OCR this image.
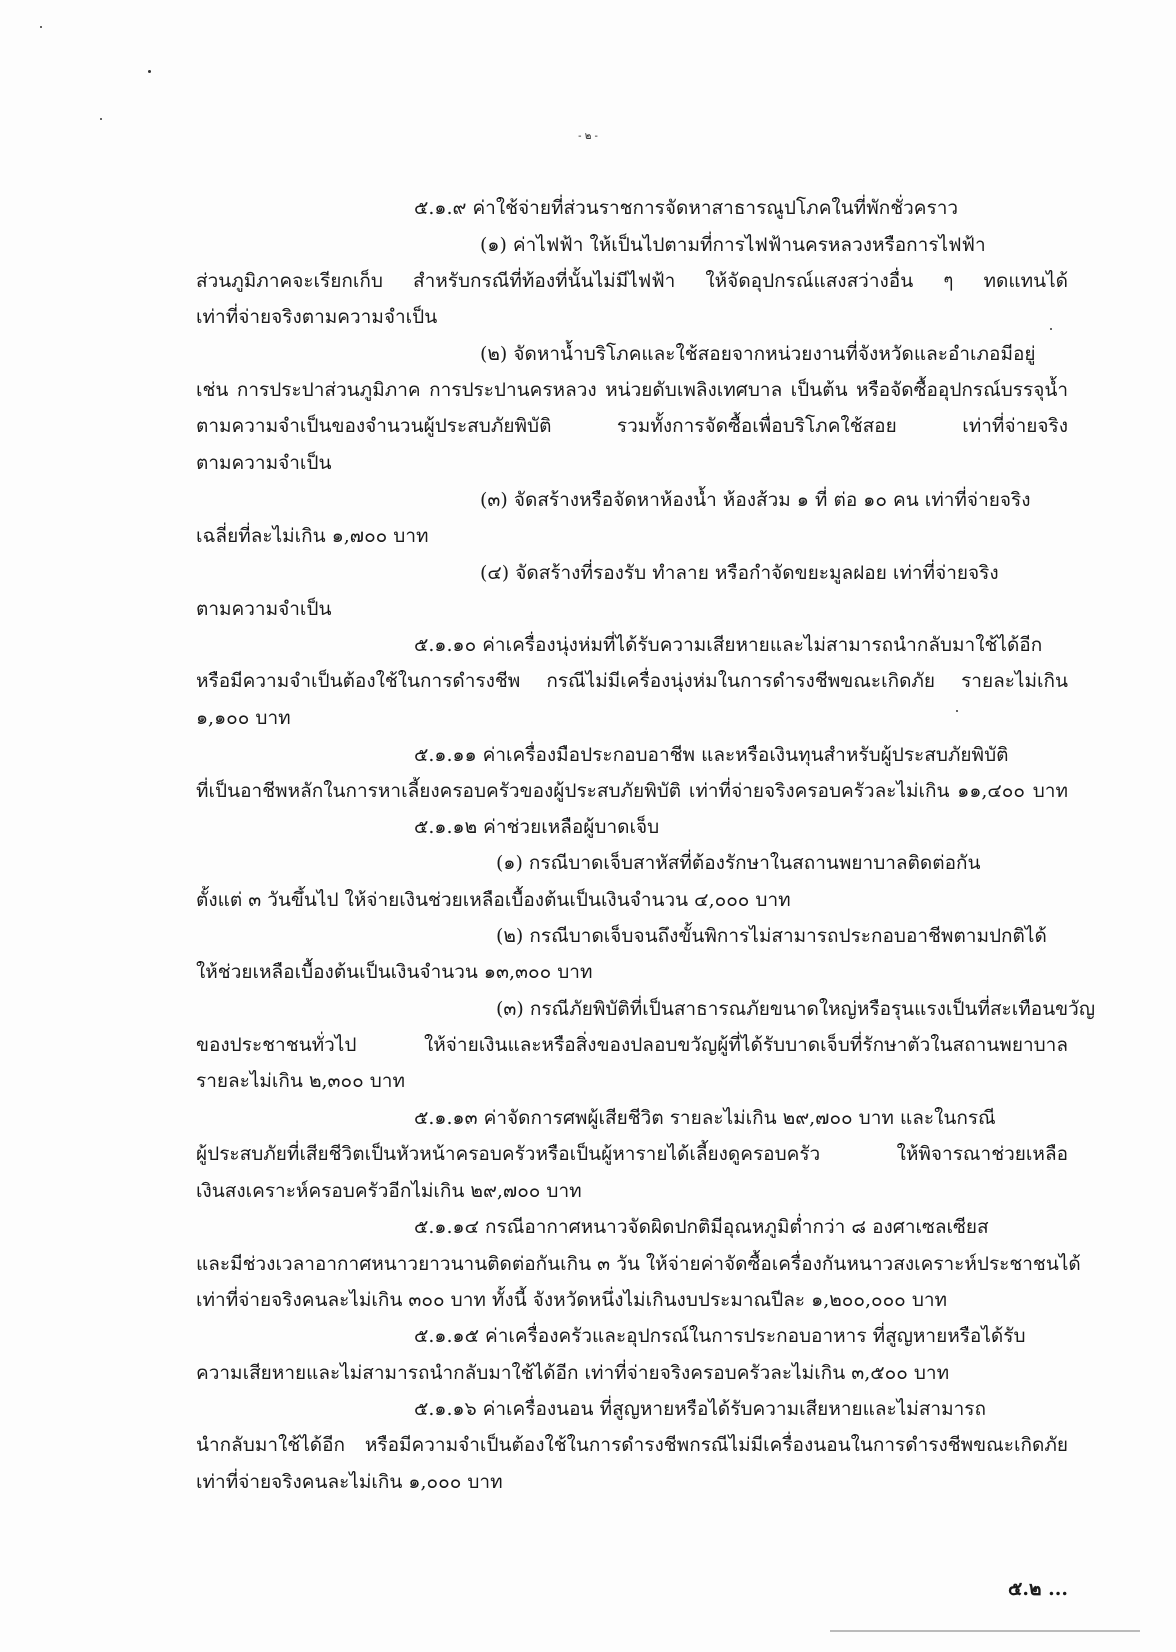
- ๒ -
๕.๑.๙ ค่าใช้จ่ายที่ส่วนราชการจัดหาสาธารณูปโภคในที่พักชั่วคราว
(๑) ค่าไฟฟ้า ให้เป็นไปตามที่การไฟฟ้านครหลวงหรือการไฟฟ้า
ส่วนภูมิภาคจะเรียกเก็บ สำหรับกรณีที่ท้องที่นั้นไม่มีไฟฟ้า ให้จัดอุปกรณ์แสงสว่างอื่น ๆ ทดแทนได้
เท่าที่จ่ายจริงตามความจำเป็น
(๒) จัดหาน้ำบริโภคและใช้สอยจากหน่วยงานที่จังหวัดและอำเภอมีอยู่
เช่น การประปาส่วนภูมิภาค การประปานครหลวง หน่วยดับเพลิงเทศบาล เป็นต้น หรือจัดซื้ออุปกรณ์บรรจุน้ำ
ตามความจำเป็นของจำนวนผู้ประสบภัยพิบัติ รวมทั้งการจัดซื้อเพื่อบริโภคใช้สอย เท่าที่จ่ายจริง
ตามความจำเป็น
(๓) จัดสร้างหรือจัดหาห้องน้ำ ห้องส้วม ๑ ที่ ต่อ ๑๐ คน เท่าที่จ่ายจริง
เฉลี่ยที่ละไม่เกิน ๑,๗๐๐ บาท
(๔) จัดสร้างที่รองรับ ทำลาย หรือกำจัดขยะมูลฝอย เท่าที่จ่ายจริง
ตามความจำเป็น
๕.๑.๑๐ ค่าเครื่องนุ่งห่มที่ได้รับความเสียหายและไม่สามารถนำกลับมาใช้ได้อีก
หรือมีความจำเป็นต้องใช้ในการดำรงชีพ กรณีไม่มีเครื่องนุ่งห่มในการดำรงชีพขณะเกิดภัย รายละไม่เกิน
๑,๑๐๐ บาท
๕.๑.๑๑ ค่าเครื่องมือประกอบอาชีพ และหรือเงินทุนสำหรับผู้ประสบภัยพิบัติ
ที่เป็นอาชีพหลักในการหาเลี้ยงครอบครัวของผู้ประสบภัยพิบัติ เท่าที่จ่ายจริงครอบครัวละไม่เกิน ๑๑,๔๐๐ บาท
๕.๑.๑๒ ค่าช่วยเหลือผู้บาดเจ็บ
(๑) กรณีบาดเจ็บสาหัสที่ต้องรักษาในสถานพยาบาลติดต่อกัน
ตั้งแต่ ๓ วันขึ้นไป ให้จ่ายเงินช่วยเหลือเบื้องต้นเป็นเงินจำนวน ๔,๐๐๐ บาท
(๒) กรณีบาดเจ็บจนถึงขั้นพิการไม่สามารถประกอบอาชีพตามปกติได้
ให้ช่วยเหลือเบื้องต้นเป็นเงินจำนวน ๑๓,๓๐๐ บาท
(๓) กรณีภัยพิบัติที่เป็นสาธารณภัยขนาดใหญ่หรือรุนแรงเป็นที่สะเทือนขวัญ
ของประชาชนทั่วไป ให้จ่ายเงินและหรือสิ่งของปลอบขวัญผู้ที่ได้รับบาดเจ็บที่รักษาตัวในสถานพยาบาล
รายละไม่เกิน ๒,๓๐๐ บาท
๕.๑.๑๓ ค่าจัดการศพผู้เสียชีวิต รายละไม่เกิน ๒๙,๗๐๐ บาท และในกรณี
ผู้ประสบภัยที่เสียชีวิตเป็นหัวหน้าครอบครัวหรือเป็นผู้หารายได้เลี้ยงดูครอบครัว ให้พิจารณาช่วยเหลือ
เงินสงเคราะห์ครอบครัวอีกไม่เกิน ๒๙,๗๐๐ บาท
๕.๑.๑๔ กรณีอากาศหนาวจัดผิดปกติมีอุณหภูมิต่ำกว่า ๘ องศาเซลเซียส
และมีช่วงเวลาอากาศหนาวยาวนานติดต่อกันเกิน ๓ วัน ให้จ่ายค่าจัดซื้อเครื่องกันหนาวสงเคราะห์ประชาชนได้
เท่าที่จ่ายจริงคนละไม่เกิน ๓๐๐ บาท ทั้งนี้ จังหวัดหนึ่งไม่เกินงบประมาณปีละ ๑,๒๐๐,๐๐๐ บาท
๕.๑.๑๕ ค่าเครื่องครัวและอุปกรณ์ในการประกอบอาหาร ที่สูญหายหรือได้รับ
ความเสียหายและไม่สามารถนำกลับมาใช้ได้อีก เท่าที่จ่ายจริงครอบครัวละไม่เกิน ๓,๕๐๐ บาท
๕.๑.๑๖ ค่าเครื่องนอน ที่สูญหายหรือได้รับความเสียหายและไม่สามารถ
นำกลับมาใช้ได้อีก หรือมีความจำเป็นต้องใช้ในการดำรงชีพกรณีไม่มีเครื่องนอนในการดำรงชีพขณะเกิดภัย
เท่าที่จ่ายจริงคนละไม่เกิน ๑,๐๐๐ บาท
๕.๒ ...
